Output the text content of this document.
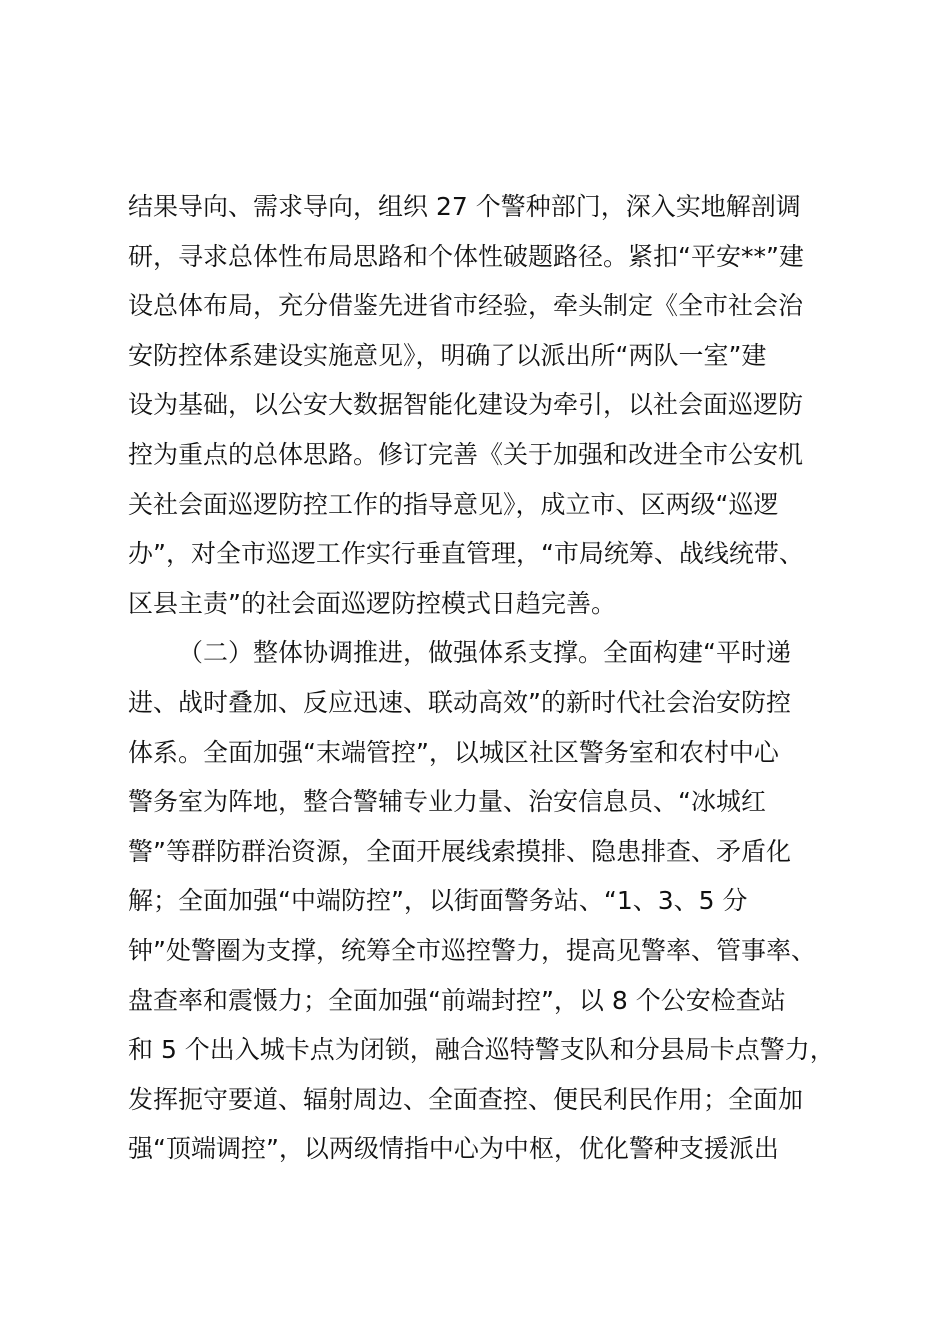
结果导向、需求导向，组织 27 个警种部门，深入实地解剖调
研，寻求总体性布局思路和个体性破题路径。紧扣“平安**”建
设总体布局，充分借鉴先进省市经验，牵头制定《全市社会治
安防控体系建设实施意见》，明确了以派出所“两队一室”建
设为基础，以公安大数据智能化建设为牵引，以社会面巡逻防
控为重点的总体思路。修订完善《关于加强和改进全市公安机
关社会面巡逻防控工作的指导意见》，成立市、区两级“巡逻
办”，对全市巡逻工作实行垂直管理，“市局统筹、战线统带、
区县主责”的社会面巡逻防控模式日趋完善。
（二）整体协调推进，做强体系支撑。全面构建“平时递
进、战时叠加、反应迅速、联动高效”的新时代社会治安防控
体系。全面加强“末端管控”，以城区社区警务室和农村中心
警务室为阵地，整合警辅专业力量、治安信息员、“冰城红
警”等群防群治资源，全面开展线索摸排、隐患排查、矛盾化
解；全面加强“中端防控”，以街面警务站、“1、3、5 分
钟”处警圈为支撑，统筹全市巡控警力，提高见警率、管事率、
盘查率和震慑力；全面加强“前端封控”，以 8 个公安检查站
和 5 个出入城卡点为闭锁，融合巡特警支队和分县局卡点警力，
发挥扼守要道、辐射周边、全面查控、便民利民作用；全面加
强“顶端调控”，以两级情指中心为中枢，优化警种支援派出
